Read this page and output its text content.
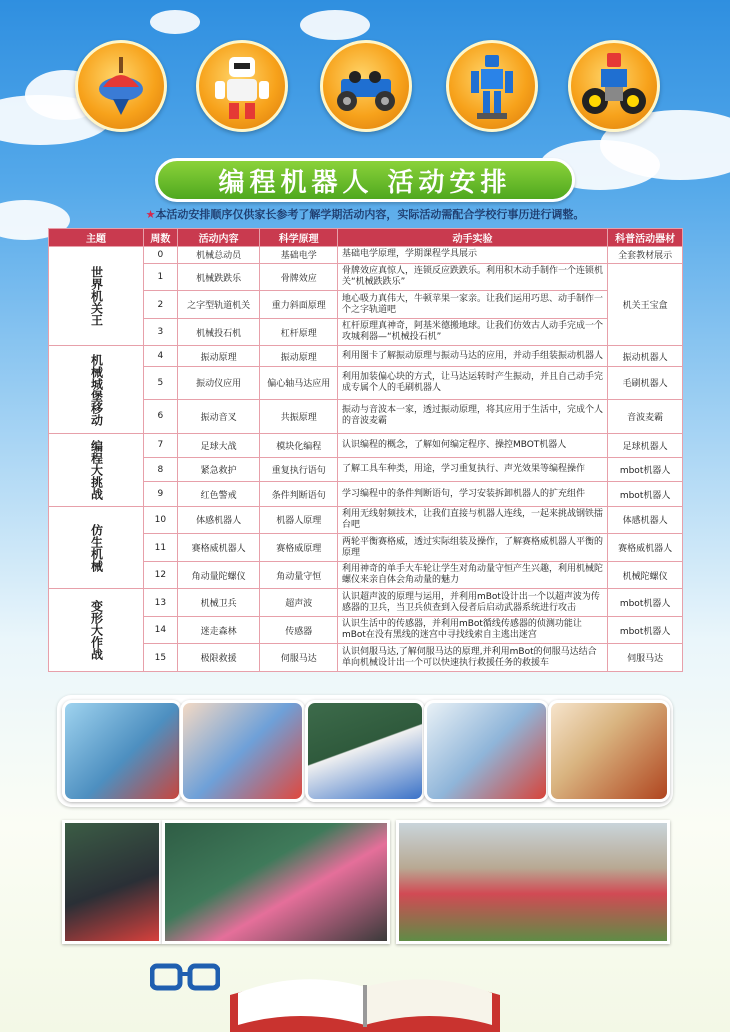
编程机器人 活动安排
★本活动安排顺序仅供家长参考了解学期活动内容，实际活动需配合学校行事历进行调整。
主题	周数	活动内容	科学原理	动手实验	科普活动器材
世界机关王	0	机械总动员	基础电学	基础电学原理，学期课程学具展示	全套教材展示
	1	机械跌跌乐	骨牌效应	骨牌效应真惊人，连锁反应跌跌乐。利用积木动手制作一个连锁机关“机械跌跌乐”	机关王宝盒
	2	之字型轨道机关	重力斜面原理	地心吸力真伟大，牛顿苹果一家亲。让我们运用巧思、动手制作一个之字轨道吧	
	3	机械投石机	杠杆原理	杠杆原理真神奇，阿基米德搬地球。让我们仿效古人动手完成一个攻城利器—“机械投石机”	
机械城堡移动	4	振动原理	振动原理	利用图卡了解振动原理与振动马达的应用，并动手组装振动机器人	振动机器人
	5	振动仪应用	偏心轴马达应用	利用加装偏心块的方式，让马达运转时产生振动，并且自己动手完成专属个人的毛刷机器人	毛刷机器人
	6	振动音叉	共振原理	振动与音波本一家，透过振动原理，将其应用于生活中，完成个人的音波麦霸	音波麦霸
编程大挑战	7	足球大战	模块化编程	认识编程的概念，了解如何编定程序、操控MBOT机器人	足球机器人
	8	紧急救护	重复执行语句	了解工具车种类，用途，学习重复执行、声光效果等编程操作	mbot机器人
	9	红色警戒	条件判断语句	学习编程中的条件判断语句，学习安装拆卸机器人的扩充组件	mbot机器人
仿生机械	10	体感机器人	机器人原理	利用无线射频技术，让我们直接与机器人连线，一起来挑战钢铁擂台吧	体感机器人
	11	赛格威机器人	赛格威原理	两轮平衡赛格威，透过实际组装及操作，了解赛格威机器人平衡的原理	赛格威机器人
	12	角动量陀螺仪	角动量守恒	利用神奇的单手大车轮让学生对角动量守恒产生兴趣，利用机械陀螺仪来亲自体会角动量的魅力	机械陀螺仪
变形大作战	13	机械卫兵	超声波	认识超声波的原理与运用，并利用mBot设计出一个以超声波为传感器的卫兵，当卫兵侦查到入侵者后启动武器系统进行攻击	mbot机器人
	14	迷走森林	传感器	认识生活中的传感器，并利用mBot循线传感器的侦测功能让mBot在没有黑线的迷宫中寻找线索自主逃出迷宫	mbot机器人
	15	极限救援	伺服马达	认识伺服马达,了解伺服马达的原理,并利用mBot的伺服马达结合单向机械设计出一个可以快速执行救援任务的救援车	伺服马达
